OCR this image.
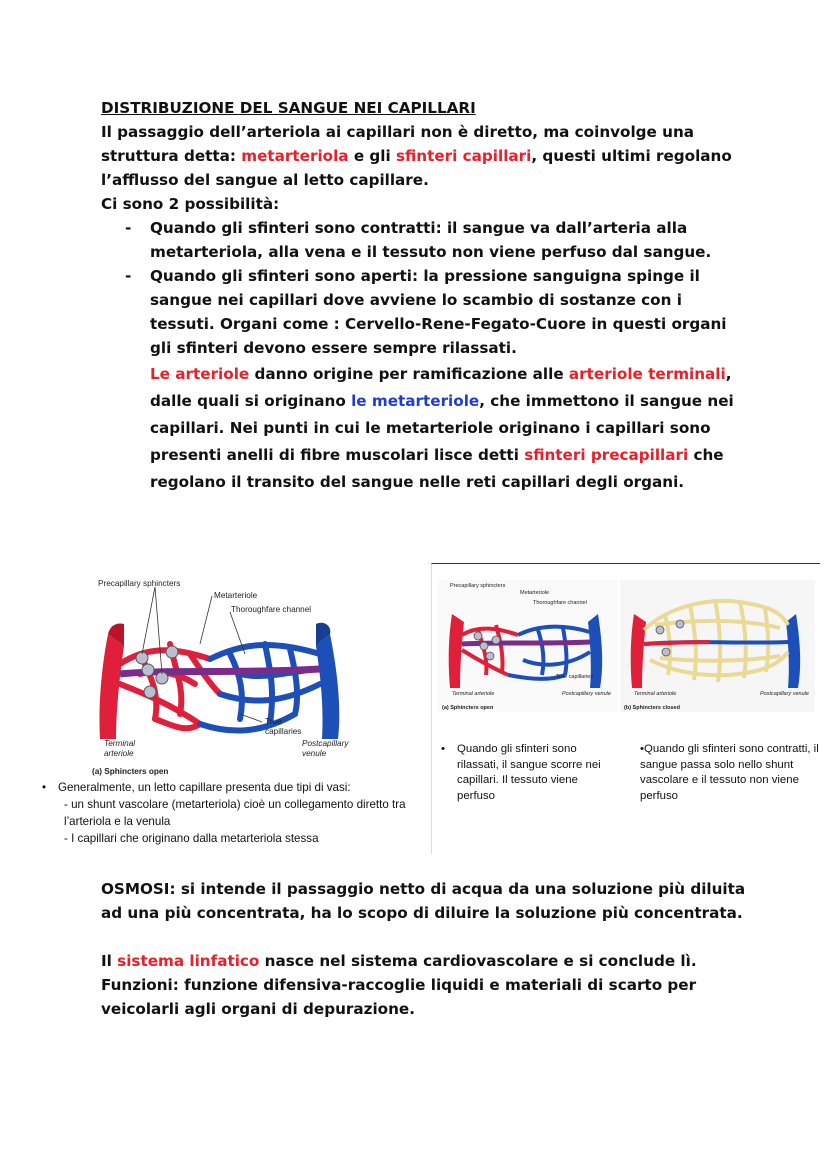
DISTRIBUZIONE DEL SANGUE NEI CAPILLARI

Il passaggio dell’arteriola ai capillari non è diretto, ma coinvolge una struttura detta: metarteriola e gli sfinteri capillari, questi ultimi regolano l’afflusso del sangue al letto capillare.

Ci sono 2 possibilità:

- Quando gli sfinteri sono contratti: il sangue va dall’arteria alla metarteriola, alla vena e il tessuto non viene perfuso dal sangue.
- Quando gli sfinteri sono aperti: la pressione sanguigna spinge il sangue nei capillari dove avviene lo scambio di sostanze con i tessuti. Organi come : Cervello-Rene-Fegato-Cuore in questi organi gli sfinteri devono essere sempre rilassati.
Le arteriole danno origine per ramificazione alle arteriole terminali, dalle quali si originano le metarteriole, che immettono il sangue nei capillari. Nei punti in cui le metarteriole originano i capillari sono presenti anelli di fibre muscolari lisce detti sfinteri precapillari che regolano il transito del sangue nelle reti capillari degli organi.
Precapillary sphincters
Metarteriole
Thoroughfare channel
True
capillaries
Terminal
arteriole
Postcapillary
venule
(a) Sphincters open
• Generalmente, un letto capillare presenta due tipi di vasi:
- un shunt vascolare (metarteriola) cioè un collegamento diretto tra l’arteriola e la venula
- I capillari che originano dalla metarteriola stessa
Precapillary sphincters
Metarteriole
Thoroughfare channel
True capillaries
Terminal arteriole	Postcapillary venule
(a) Sphincters open
Terminal arteriole	Postcapillary venule
(b) Sphincters closed
•	Quando gli sfinteri sono rilassati, il sangue scorre nei capillari. Il tessuto viene perfuso
•Quando gli sfinteri sono contratti, il sangue passa solo nello shunt vascolare e il tessuto non viene perfuso

OSMOSI: si intende il passaggio netto di acqua da una soluzione più diluita ad una più concentrata, ha lo scopo di diluire la soluzione più concentrata.

Il sistema linfatico nasce nel sistema cardiovascolare e si conclude lì.

Funzioni: funzione difensiva-raccoglie liquidi e materiali di scarto per veicolarli agli organi di depurazione.
